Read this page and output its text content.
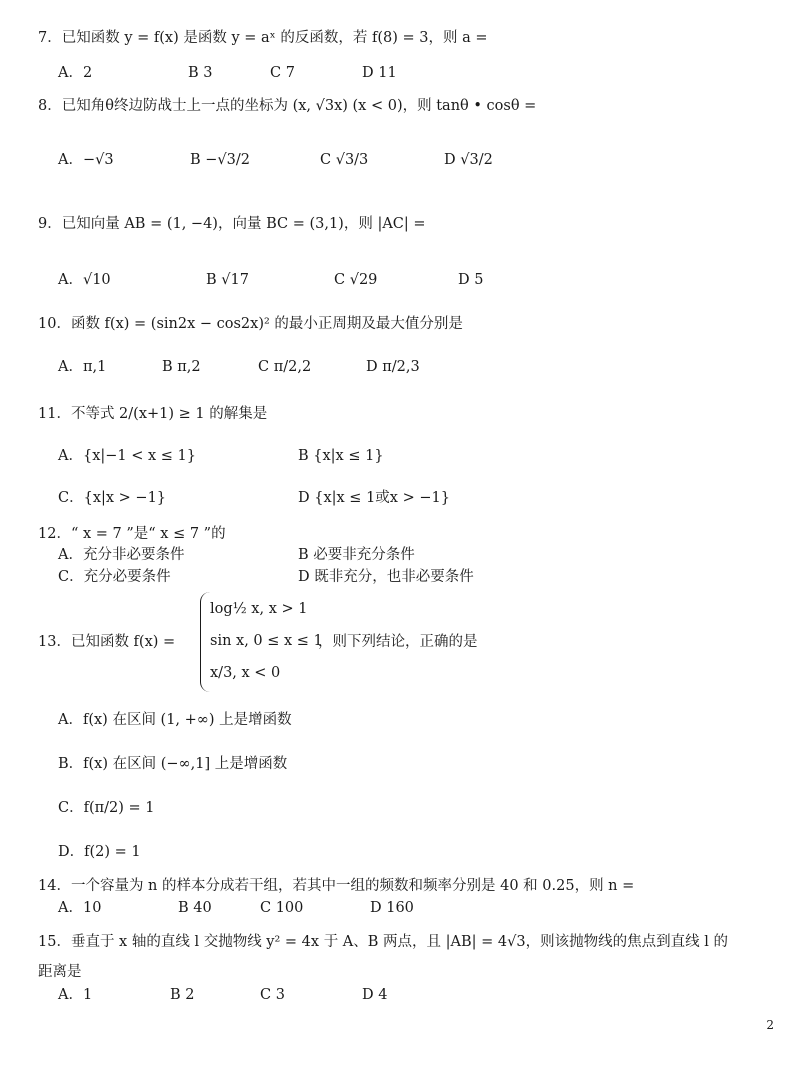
7．已知函数 y = f(x) 是函数 y = aˣ 的反函数，若 f(8) = 3，则 a =
A．2	B 3	C 7	D 11
8．已知角θ终边防战士上一点的坐标为 (x, √3x) (x < 0)，则 tanθ • cosθ =
A．−√3	B −√3/2	C √3/3	D √3/2
9．已知向量 AB = (1, −4)，向量 BC = (3,1)，则 |AC| =
A．√10	B √17	C √29	D 5
10．函数 f(x) = (sin2x − cos2x)² 的最小正周期及最大值分别是
A．π,1	B π,2	C π/2,2	D π/2,3
11．不等式 2/(x+1) ≥ 1 的解集是
A．{x|−1 < x ≤ 1}	B {x|x ≤ 1}
C．{x|x > −1}	D {x|x ≤ 1或x > −1}
12．“ x = 7 ”是“ x ≤ 7 ”的
A．充分非必要条件	B 必要非充分条件
C．充分必要条件	D 既非充分，也非必要条件
13．已知函数 f(x) =
log½ x, x > 1
sin x, 0 ≤ x ≤ 1
x/3, x < 0
，则下列结论，正确的是
A．f(x) 在区间 (1, +∞) 上是增函数
B．f(x) 在区间 (−∞,1] 上是增函数
C．f(π/2) = 1
D．f(2) = 1
14．一个容量为 n 的样本分成若干组，若其中一组的频数和频率分别是 40 和 0.25，则 n =
A．10	B 40	C 100	D 160
15．垂直于 x 轴的直线 l 交抛物线 y² = 4x 于 A、B 两点，且 |AB| = 4√3，则该抛物线的焦点到直线 l 的
距离是
A．1	B 2	C 3	D 4
2
